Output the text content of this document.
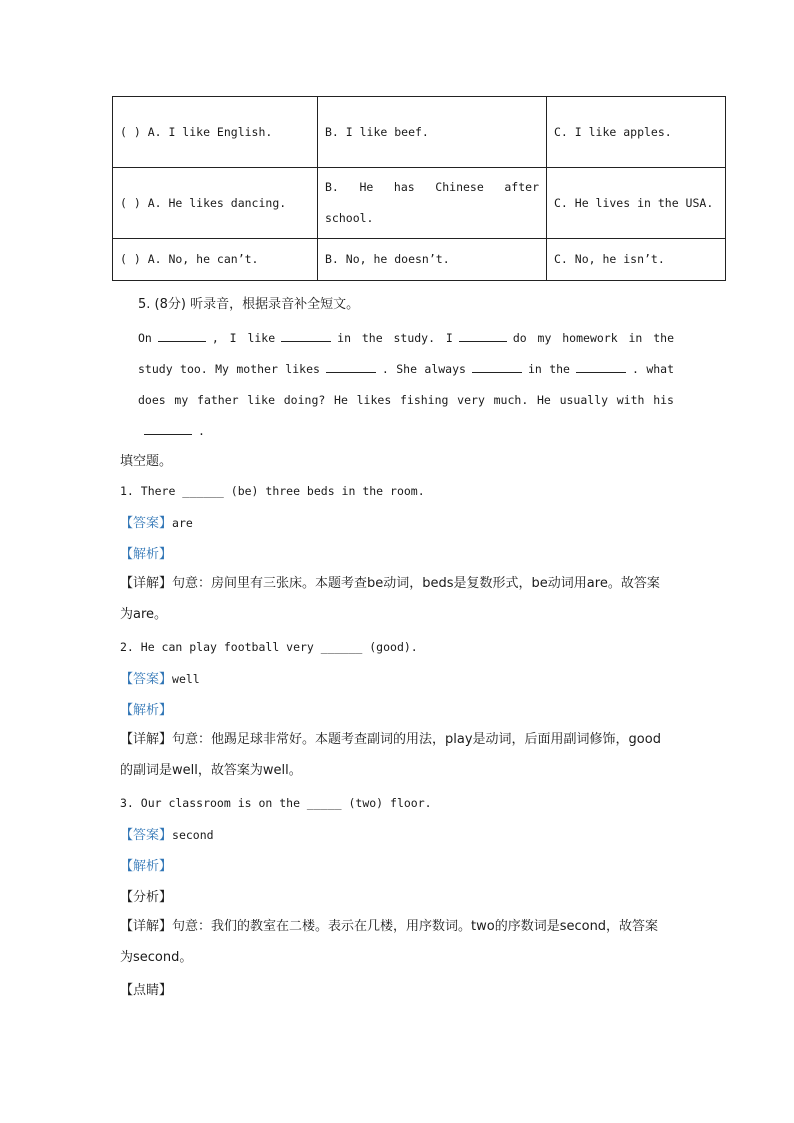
( ) A. I like English.	B. I like beef.	C. I like apples.
( ) A. He likes dancing.	B. He has Chinese after school.	C. He lives in the USA.
( ) A. No, he can’t.	B. No, he doesn’t.	C. No, he isn’t.
5. (8分) 听录音，根据录音补全短文。
On	, I like	in the study. I	do my homework in the study too. My mother likes	. She always	in the	. what does my father like doing? He likes fishing very much. He usually with his.
填空题。
1. There ______ (be) three beds in the room.
【答案】are
【解析】
【详解】句意：房间里有三张床。本题考查be动词，beds是复数形式，be动词用are。故答案为are。
2. He can play football very ______ (good).
【答案】well
【解析】
【详解】句意：他踢足球非常好。本题考查副词的用法，play是动词，后面用副词修饰，good的副词是well，故答案为well。
3. Our classroom is on the _____ (two) floor.
【答案】second
【解析】
【分析】
【详解】句意：我们的教室在二楼。表示在几楼，用序数词。two的序数词是second，故答案为second。
【点睛】
